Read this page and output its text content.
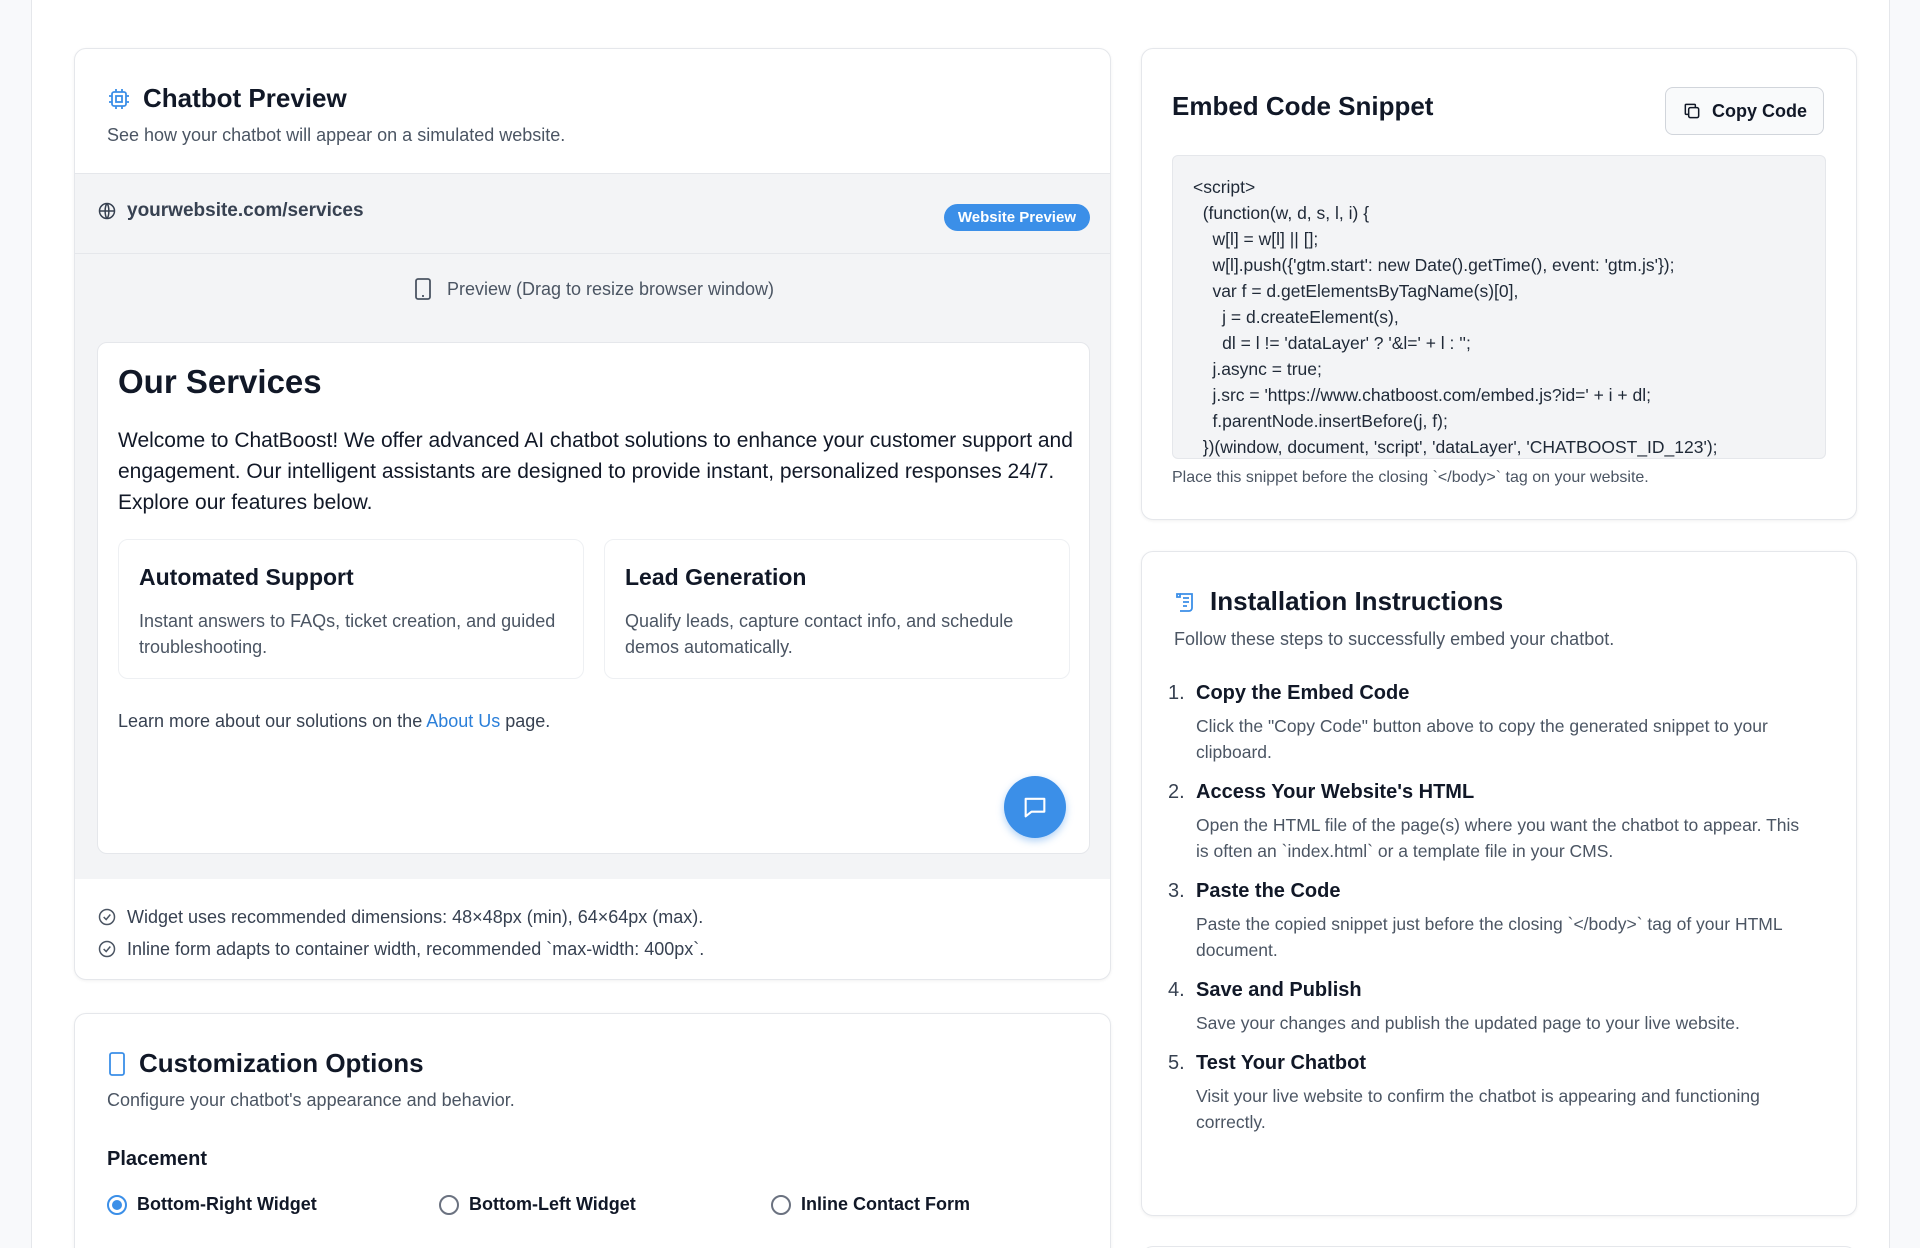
Chatbot Preview
See how your chatbot will appear on a simulated website.
yourwebsite.com/services	Website Preview
Preview (Drag to resize browser window)
Our Services

Welcome to ChatBoost! We offer advanced AI chatbot solutions to enhance your customer support and engagement. Our intelligent assistants are designed to provide instant, personalized responses 24/7. Explore our features below.

Automated Support

Instant answers to FAQs, ticket creation, and guided troubleshooting.

Lead Generation

Qualify leads, capture contact info, and schedule demos automatically.

Learn more about our solutions on the About Us page.
Widget uses recommended dimensions: 48×48px (min), 64×64px (max).
Inline form adapts to container width, recommended `max-width: 400px`.
Customization Options
Configure your chatbot's appearance and behavior.
Placement
Bottom-Right Widget	Bottom-Left Widget	Inline Contact Form
Embed Code Snippet	Copy Code
<script>
(function(w, d, s, l, i) {
w[l] = w[l] || [];
w[l].push({'gtm.start': new Date().getTime(), event: 'gtm.js'});
var f = d.getElementsByTagName(s)[0],
j = d.createElement(s),
dl = l != 'dataLayer' ? '&l=' + l : '';
j.async = true;
j.src = 'https://www.chatboost.com/embed.js?id=' + i + dl;
f.parentNode.insertBefore(j, f);
})(window, document, 'script', 'dataLayer', 'CHATBOOST_ID_123');
Place this snippet before the closing `</body>` tag on your website.
Installation Instructions
Follow these steps to successfully embed your chatbot.
1. Copy the Embed Code

Click the "Copy Code" button above to copy the generated snippet to your clipboard.

2. Access Your Website's HTML

Open the HTML file of the page(s) where you want the chatbot to appear. This is often an `index.html` or a template file in your CMS.

3. Paste the Code

Paste the copied snippet just before the closing `</body>` tag of your HTML document.

4. Save and Publish

Save your changes and publish the updated page to your live website.

5. Test Your Chatbot

Visit your live website to confirm the chatbot is appearing and functioning correctly.
